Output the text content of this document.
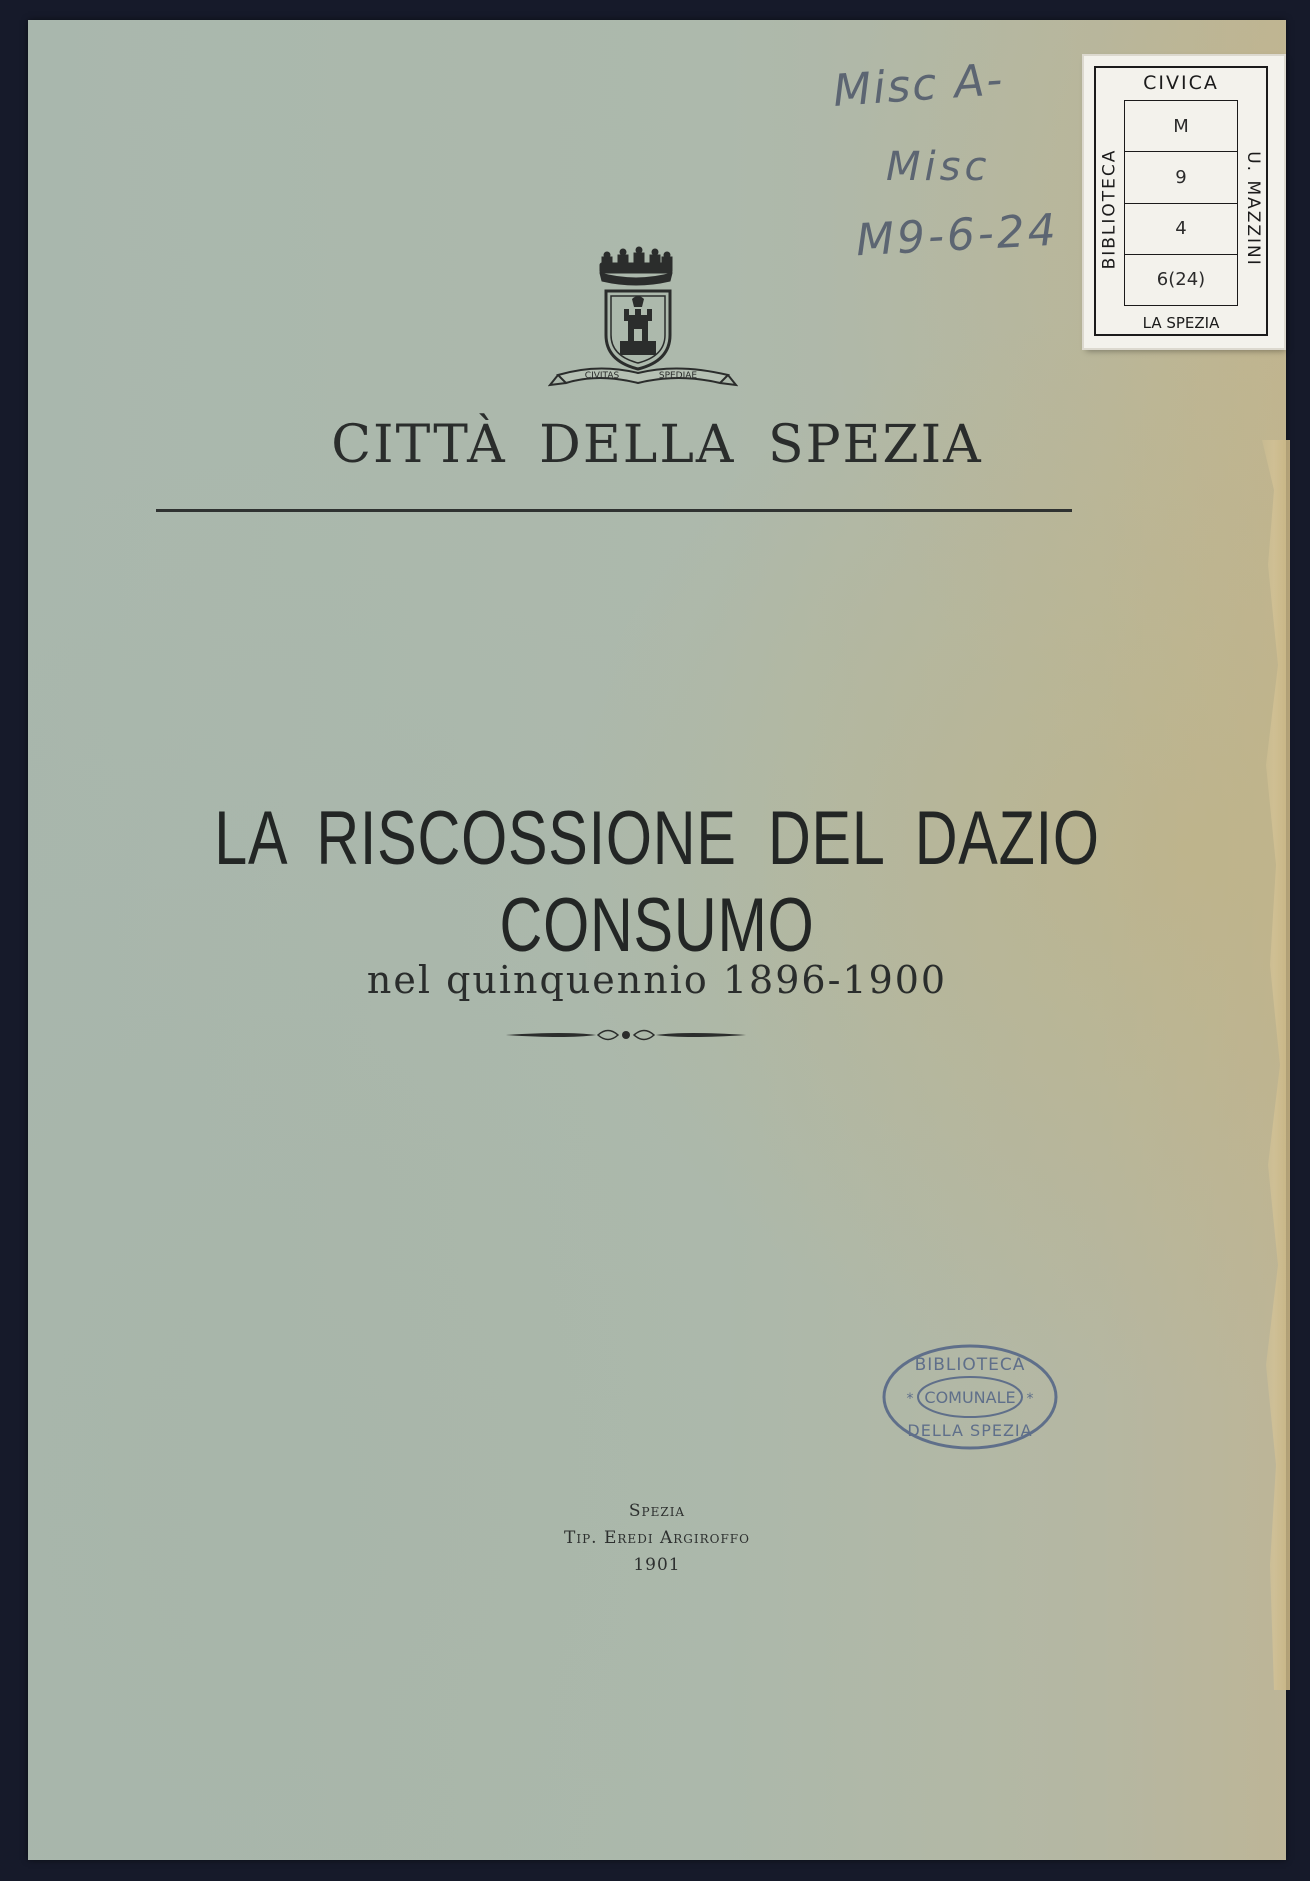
CIVITAS	SPEDIAE
CITTÀ DELLA SPEZIA
LA RISCOSSIONE DEL DAZIO CONSUMO
nel quinquennio 1896-1900
Spezia
Tip. Eredi Argiroffo
1901
Misc A-
Misc
M9-6-24
CIVICA
BIBLIOTECA
M
9
4
6(24)
U. MAZZINI
LA SPEZIA
BIBLIOTECA
COMUNALE
DELLA SPEZIA
*	*
